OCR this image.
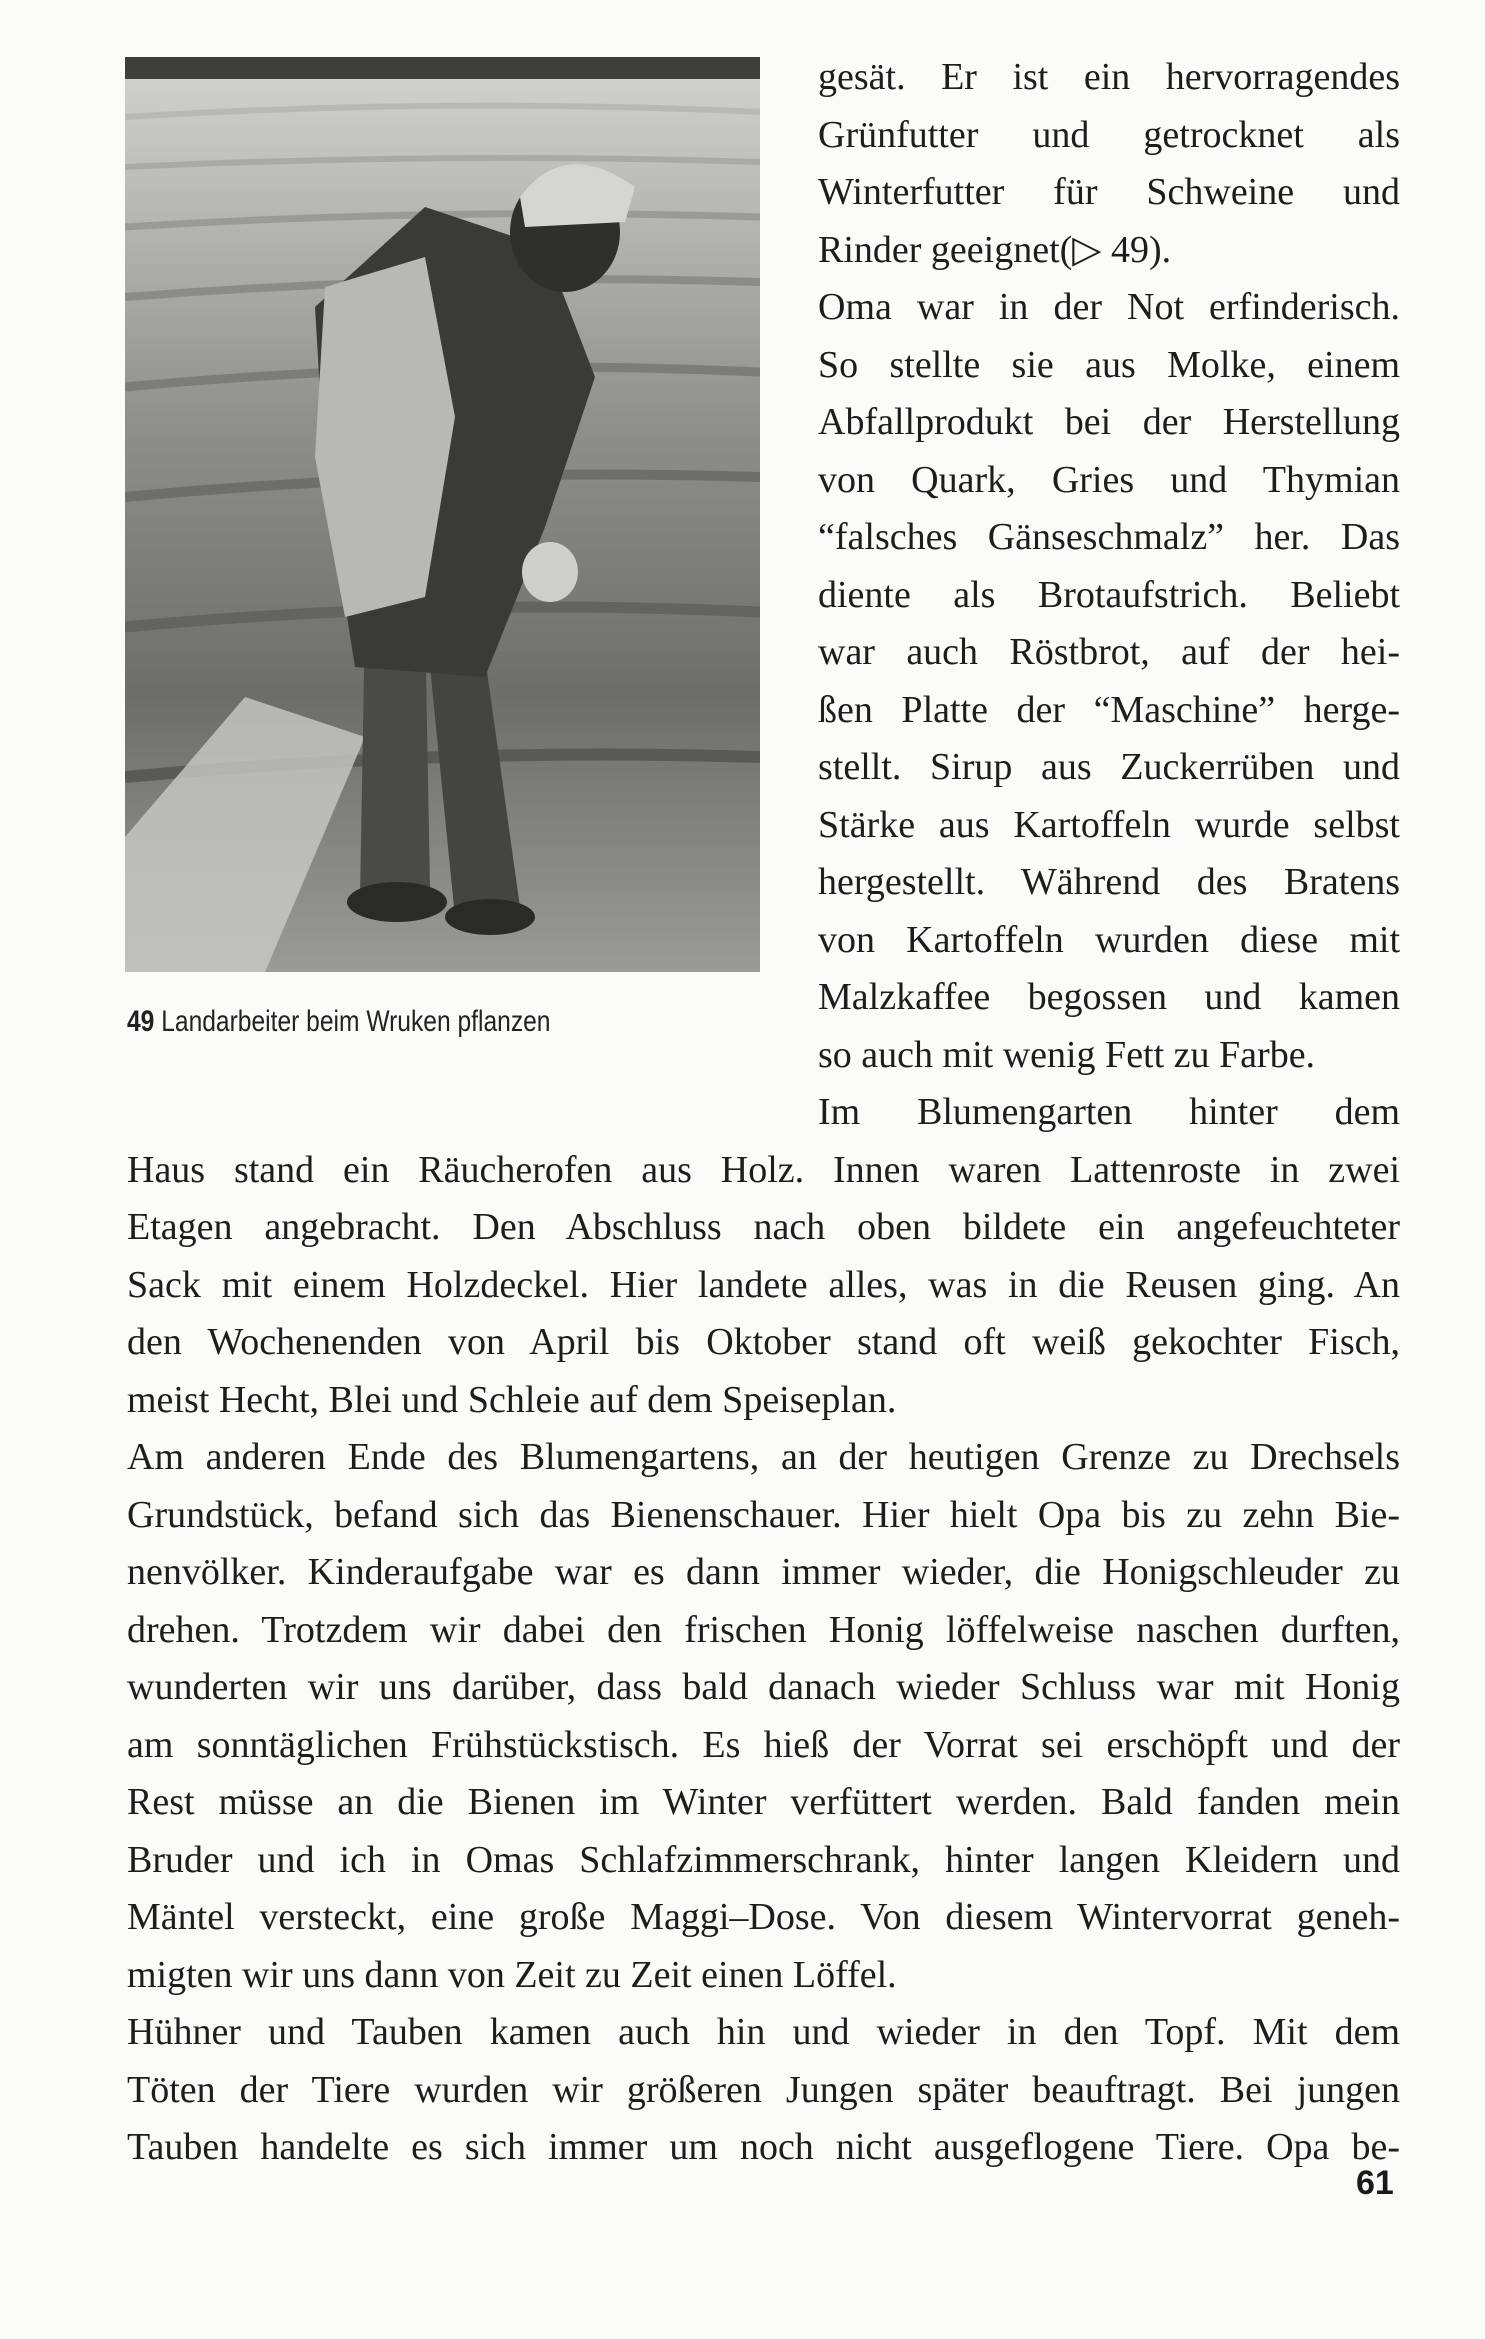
49 Landarbeiter beim Wruken pflanzen
gesät. Er ist ein hervorragendes
Grünfutter und getrocknet als
Winterfutter für Schweine und
Rinder geeignet(▷ 49).
Oma war in der Not erfinderisch.
So stellte sie aus Molke, einem
Abfallprodukt bei der Herstellung
von Quark, Gries und Thymian
“falsches Gänseschmalz” her. Das
diente als Brotaufstrich. Beliebt
war auch Röstbrot, auf der hei-
ßen Platte der “Maschine” herge-
stellt. Sirup aus Zuckerrüben und
Stärke aus Kartoffeln wurde selbst
hergestellt. Während des Bratens
von Kartoffeln wurden diese mit
Malzkaffee begossen und kamen
so auch mit wenig Fett zu Farbe.
Im Blumengarten hinter dem
Haus stand ein Räucherofen aus Holz. Innen waren Lattenroste in zwei
Etagen angebracht. Den Abschluss nach oben bildete ein angefeuchteter
Sack mit einem Holzdeckel. Hier landete alles, was in die Reusen ging. An
den Wochenenden von April bis Oktober stand oft weiß gekochter Fisch,
meist Hecht, Blei und Schleie auf dem Speiseplan.
Am anderen Ende des Blumengartens, an der heutigen Grenze zu Drechsels
Grundstück, befand sich das Bienenschauer. Hier hielt Opa bis zu zehn Bie-
nenvölker. Kinderaufgabe war es dann immer wieder, die Honigschleuder zu
drehen. Trotzdem wir dabei den frischen Honig löffelweise naschen durften,
wunderten wir uns darüber, dass bald danach wieder Schluss war mit Honig
am sonntäglichen Frühstückstisch. Es hieß der Vorrat sei erschöpft und der
Rest müsse an die Bienen im Winter verfüttert werden. Bald fanden mein
Bruder und ich in Omas Schlafzimmerschrank, hinter langen Kleidern und
Mäntel versteckt, eine große Maggi–Dose. Von diesem Wintervorrat geneh-
migten wir uns dann von Zeit zu Zeit einen Löffel.
Hühner und Tauben kamen auch hin und wieder in den Topf. Mit dem
Töten der Tiere wurden wir größeren Jungen später beauftragt. Bei jungen
Tauben handelte es sich immer um noch nicht ausgeflogene Tiere. Opa be-
61
